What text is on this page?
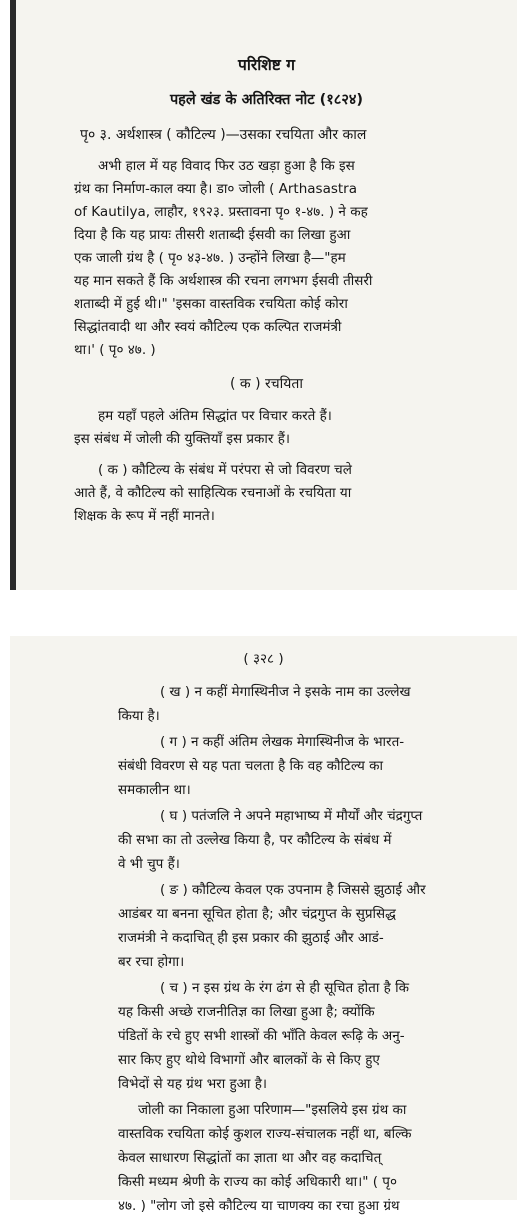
परिशिष्ट ग
पहले खंड के अतिरिक्त नोट (१८२४)
पृ० ३. अर्थशास्त्र ( कौटिल्य )—उसका रचयिता और काल
अभी हाल में यह विवाद फिर उठ खड़ा हुआ है कि इस
ग्रंथ का निर्माण-काल क्या है। डा० जोली ( Arthasastra
of Kautilya, लाहौर, १९२३. प्रस्तावना पृ० १-४७. ) ने कह
दिया है कि यह प्रायः तीसरी शताब्दी ईसवी का लिखा हुआ
एक जाली ग्रंथ है ( पृ० ४३-४७. ) उन्होंने लिखा है—"हम
यह मान सकते हैं कि अर्थशास्त्र की रचना लगभग ईसवी तीसरी
शताब्दी में हुई थी।" 'इसका वास्तविक रचयिता कोई कोरा
सिद्धांतवादी था और स्वयं कौटिल्य एक कल्पित राजमंत्री
था।' ( पृ० ४७. )
( क ) रचयिता
हम यहाँ पहले अंतिम सिद्धांत पर विचार करते हैं।
इस संबंध में जोली की युक्तियाँ इस प्रकार हैं।
( क ) कौटिल्य के संबंध में परंपरा से जो विवरण चले
आते हैं, वे कौटिल्य को साहित्यिक रचनाओं के रचयिता या
शिक्षक के रूप में नहीं मानते।
( ३२८ )
( ख ) न कहीं मेगास्थिनीज ने इसके नाम का उल्लेख
किया है।
( ग ) न कहीं अंतिम लेखक मेगास्थिनीज के भारत-
संबंधी विवरण से यह पता चलता है कि वह कौटिल्य का
समकालीन था।
( घ ) पतंजलि ने अपने महाभाष्य में मौर्यों और चंद्रगुप्त
की सभा का तो उल्लेख किया है, पर कौटिल्य के संबंध में
वे भी चुप हैं।
( ङ ) कौटिल्य केवल एक उपनाम है जिससे झुठाई और
आडंबर या बनना सूचित होता है; और चंद्रगुप्त के सुप्रसिद्ध
राजमंत्री ने कदाचित् ही इस प्रकार की झुठाई और आडं-
बर रचा होगा।
( च ) न इस ग्रंथ के रंग ढंग से ही सूचित होता है कि
यह किसी अच्छे राजनीतिज्ञ का लिखा हुआ है; क्योंकि
पंडितों के रचे हुए सभी शास्त्रों की भाँति केवल रूढ़ि के अनु-
सार किए हुए थोथे विभागों और बालकों के से किए हुए
विभेदों से यह ग्रंथ भरा हुआ है।
जोली का निकाला हुआ परिणाम—"इसलिये इस ग्रंथ का
वास्तविक रचयिता कोई कुशल राज्य-संचालक नहीं था, बल्कि
केवल साधारण सिद्धांतों का ज्ञाता था और वह कदाचित्
किसी मध्यम श्रेणी के राज्य का कोई अधिकारी था।" ( पृ०
४७. ) "लोग जो इसे कौटिल्य या चाणक्य का रचा हुआ ग्रंथ
